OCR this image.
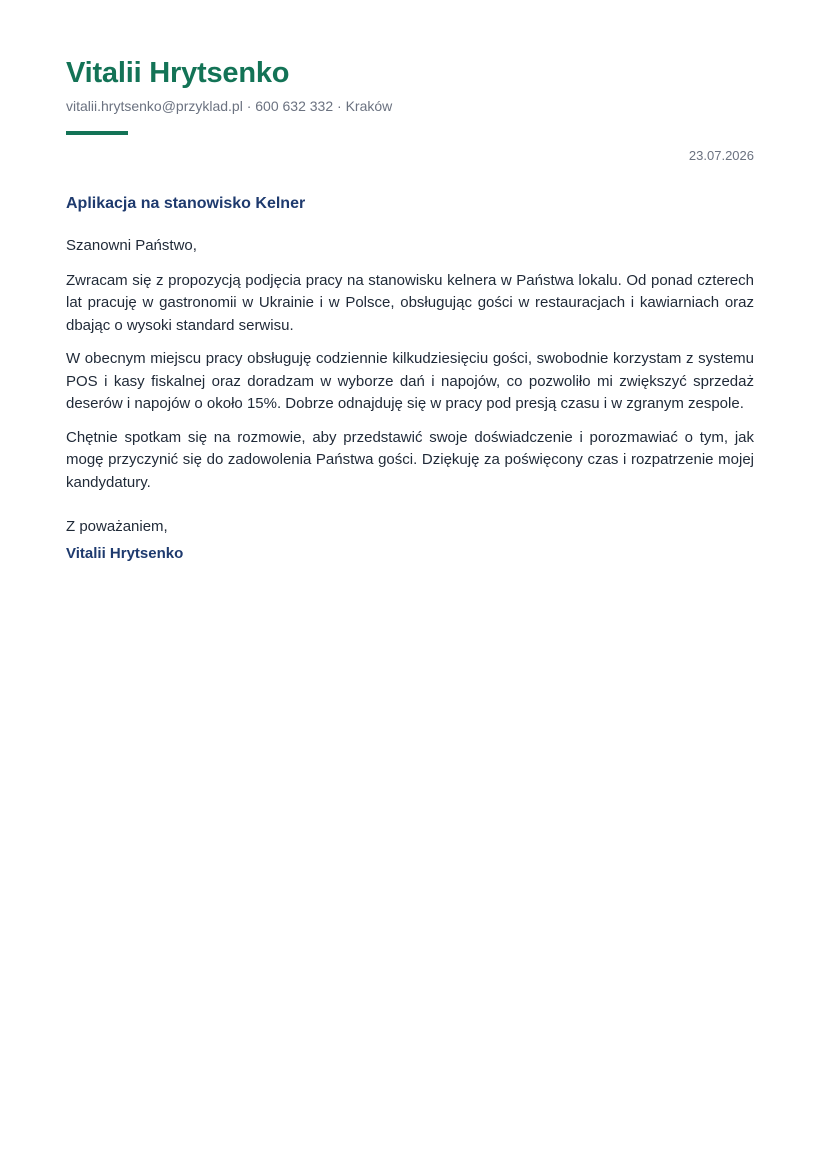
Vitalii Hrytsenko
vitalii.hrytsenko@przyklad.pl · 600 632 332 · Kraków
23.07.2026
Aplikacja na stanowisko Kelner

Szanowni Państwo,

Zwracam się z propozycją podjęcia pracy na stanowisku kelnera w Państwa lokalu. Od ponad czterech lat pracuję w gastronomii w Ukrainie i w Polsce, obsługując gości w restauracjach i kawiarniach oraz dbając o wysoki standard serwisu.

W obecnym miejscu pracy obsługuję codziennie kilkudziesięciu gości, swobodnie korzystam z systemu POS i kasy fiskalnej oraz doradzam w wyborze dań i napojów, co pozwoliło mi zwiększyć sprzedaż deserów i napojów o około 15%. Dobrze odnajduję się w pracy pod presją czasu i w zgranym zespole.

Chętnie spotkam się na rozmowie, aby przedstawić swoje doświadczenie i porozmawiać o tym, jak mogę przyczynić się do zadowolenia Państwa gości. Dziękuję za poświęcony czas i rozpatrzenie mojej kandydatury.

Z poważaniem,
Vitalii Hrytsenko
